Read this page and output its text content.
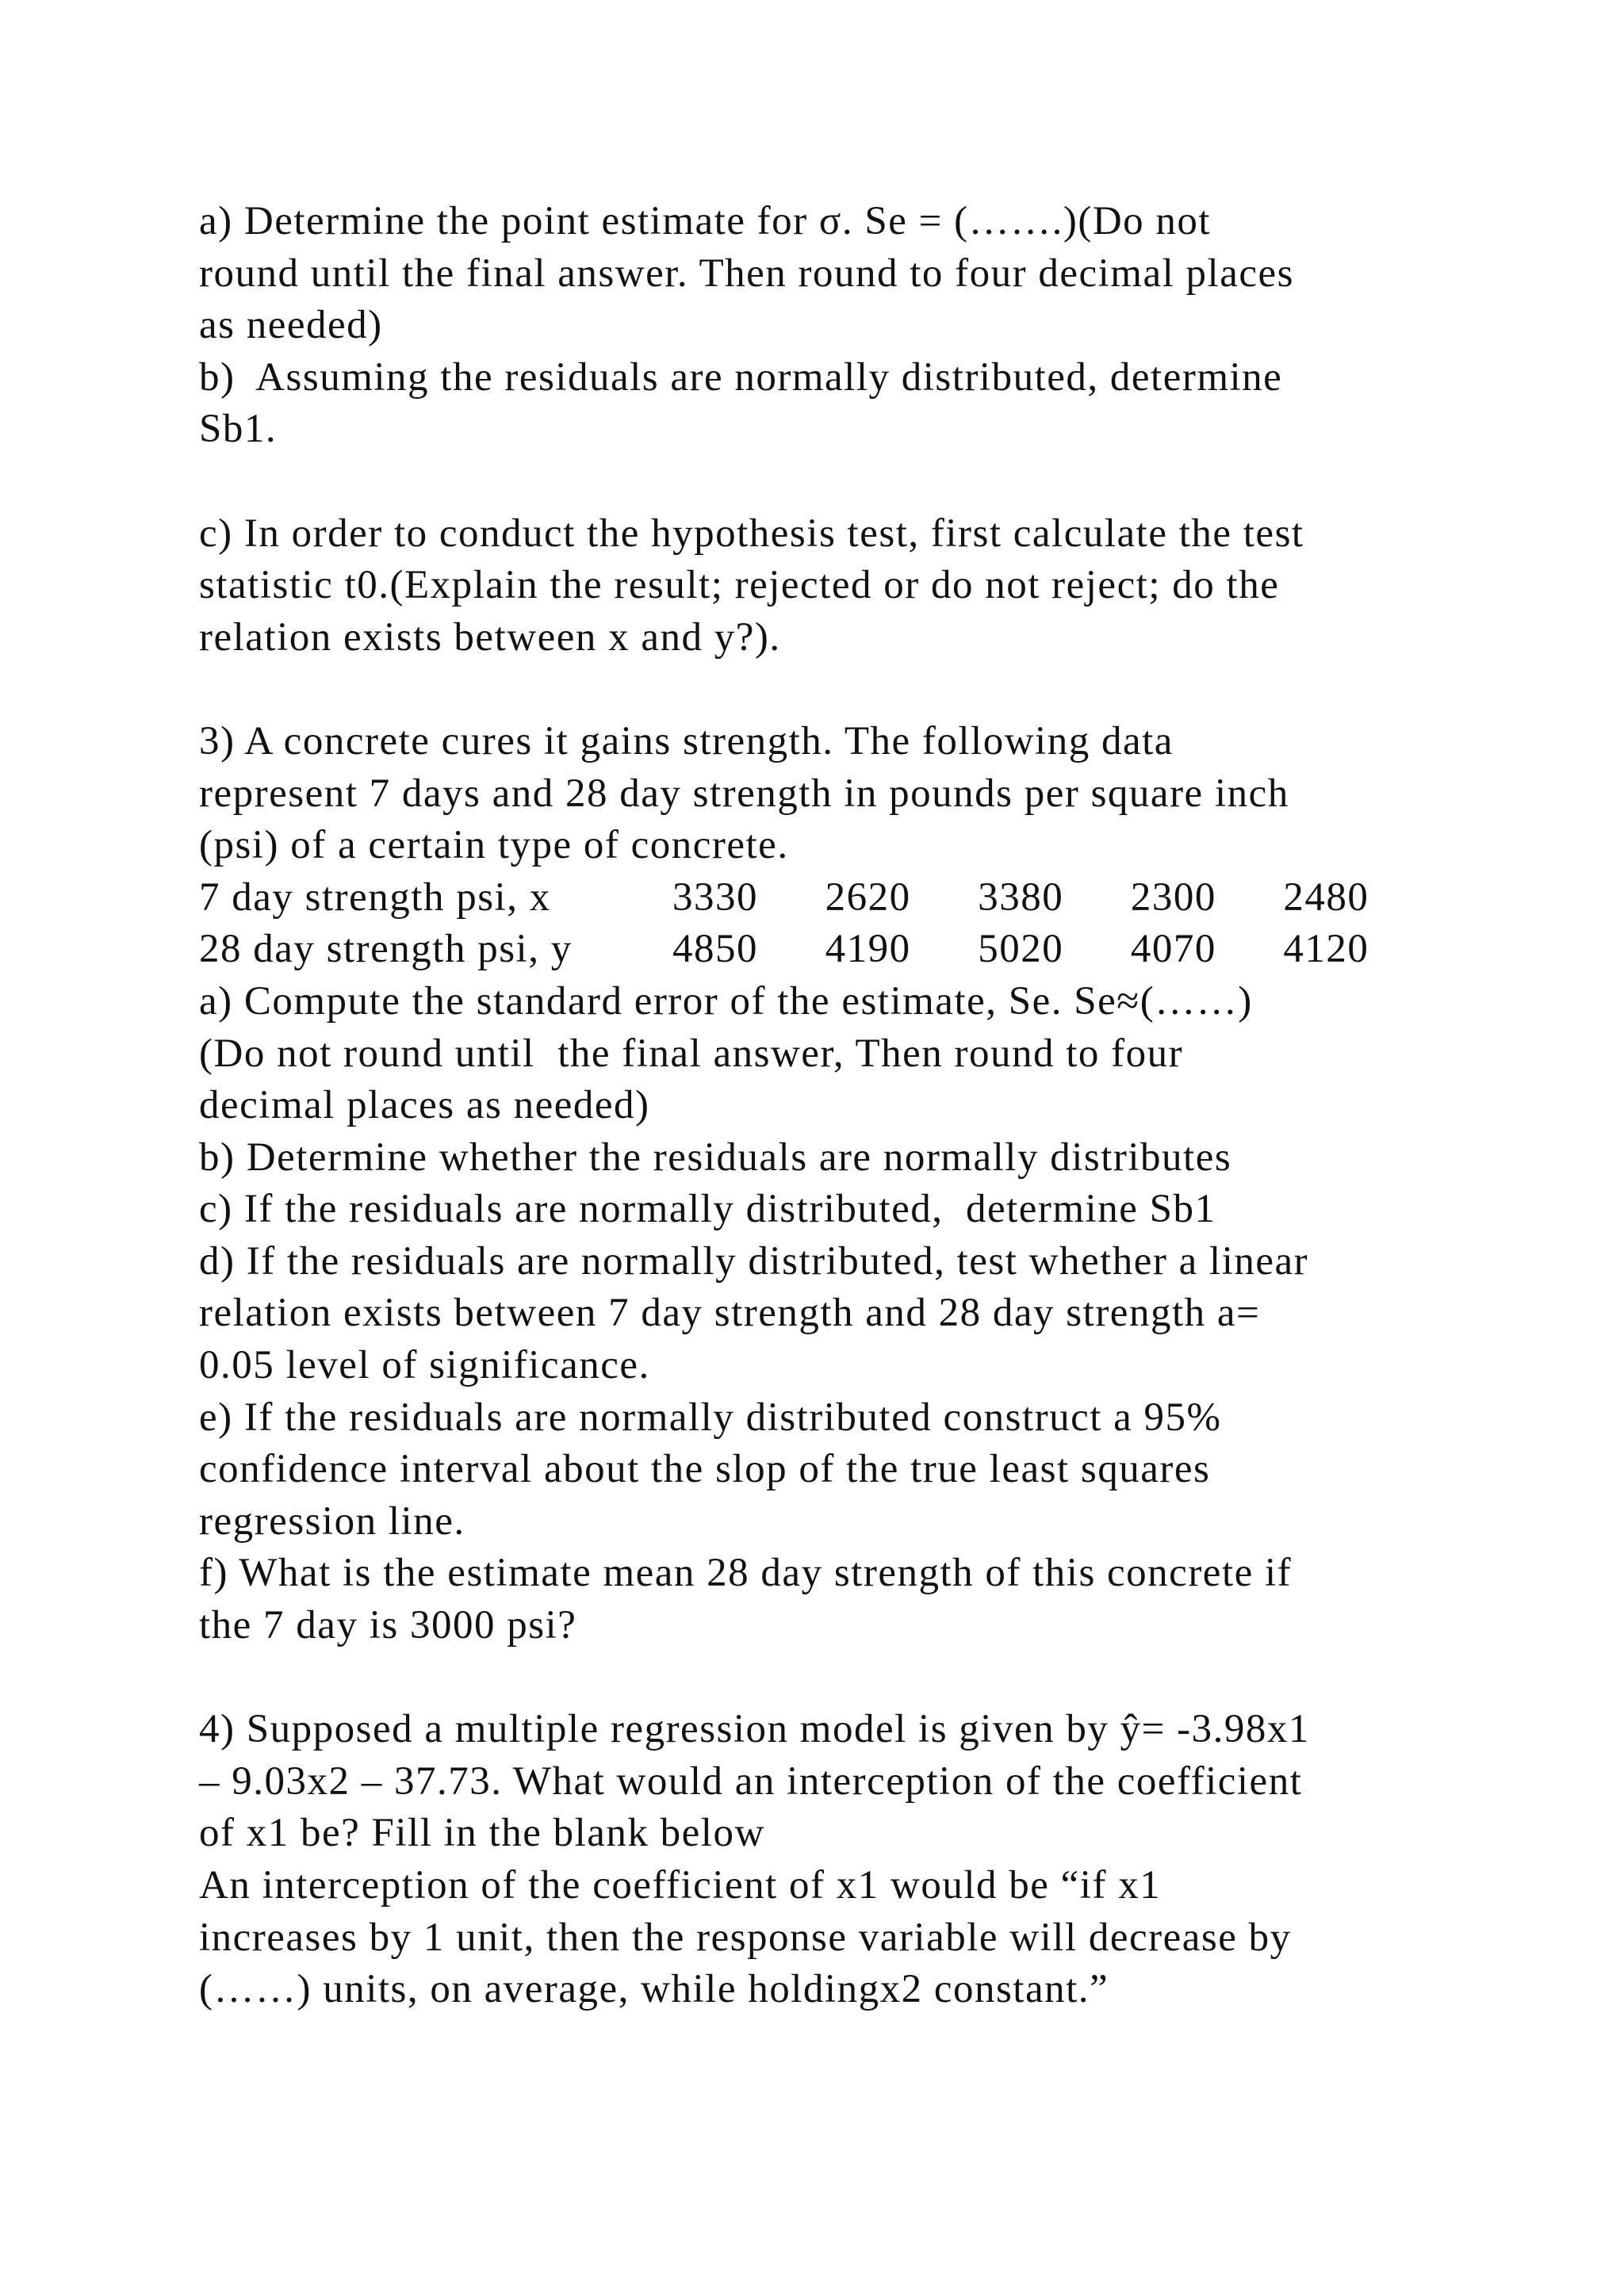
a) Determine the point estimate for σ. Se = (…….)(Do not
round until the final answer. Then round to four decimal places
as needed)
b)  Assuming the residuals are normally distributed, determine
Sb1.
c) In order to conduct the hypothesis test, first calculate the test
statistic t0.(Explain the result; rejected or do not reject; do the
relation exists between x and y?).
3) A concrete cures it gains strength. The following data
represent 7 days and 28 day strength in pounds per square inch
(psi) of a certain type of concrete.
7 day strength psi, x	3330	2620	3380	2300	2480
28 day strength psi, y	4850	4190	5020	4070	4120
a) Compute the standard error of the estimate, Se. Se≈(……)
(Do not round until  the final answer, Then round to four
decimal places as needed)
b) Determine whether the residuals are normally distributes
c) If the residuals are normally distributed,  determine Sb1
d) If the residuals are normally distributed, test whether a linear
relation exists between 7 day strength and 28 day strength a=
0.05 level of significance.
e) If the residuals are normally distributed construct a 95%
confidence interval about the slop of the true least squares
regression line.
f) What is the estimate mean 28 day strength of this concrete if
the 7 day is 3000 psi?
4) Supposed a multiple regression model is given by ŷ= -3.98x1
– 9.03x2 – 37.73. What would an interception of the coefficient
of x1 be? Fill in the blank below
An interception of the coefficient of x1 would be “if x1
increases by 1 unit, then the response variable will decrease by
(……) units, on average, while holdingx2 constant.”
